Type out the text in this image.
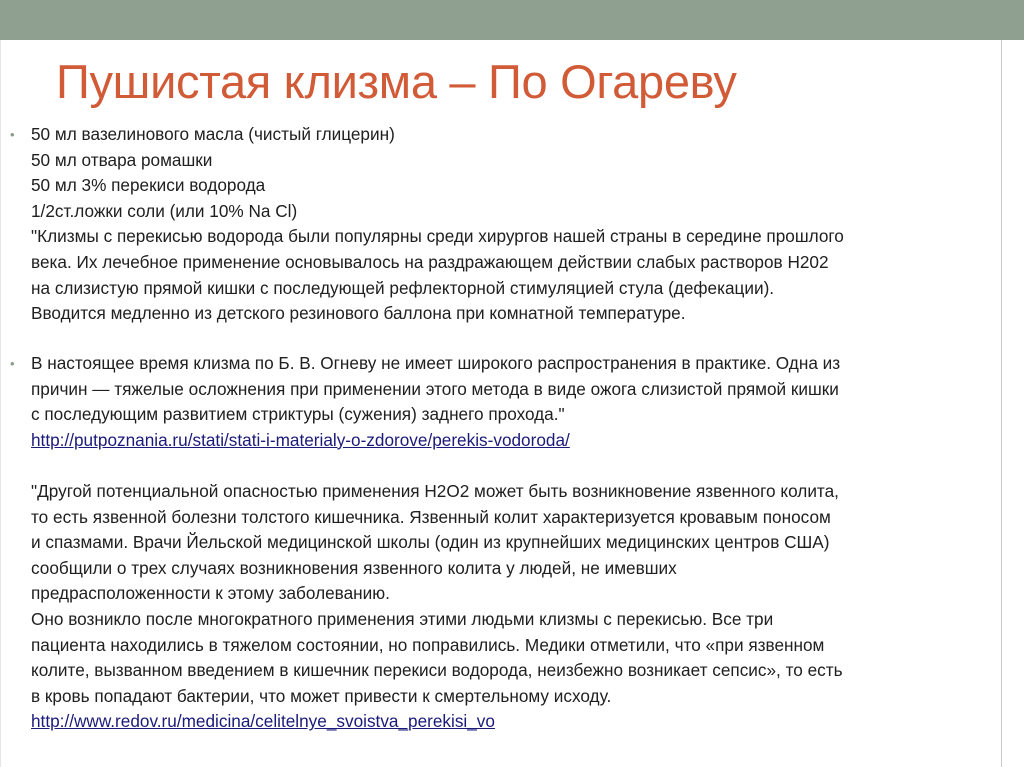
Пушистая клизма – По Огареву
• 50 мл вазелинового масла (чистый глицерин)
50 мл отвара ромашки
50 мл 3% перекиси водорода
1/2ст.ложки соли (или 10% Na Cl)
"Клизмы с перекисью водорода были популярны среди хирургов нашей страны в середине прошлого
века. Их лечебное применение основывалось на раздражающем действии слабых растворов Н202
на слизистую прямой кишки с последующей рефлекторной стимуляцией стула (дефекации).
Вводится медленно из детского резинового баллона при комнатной температуре.
• В настоящее время клизма по Б. В. Огневу не имеет широкого распространения в практике. Одна из
причин — тяжелые осложнения при применении этого метода в виде ожога слизистой прямой кишки
с последующим развитием стриктуры (сужения) заднего прохода."
http://putpoznania.ru/stati/stati-i-materialy-o-zdorove/perekis-vodoroda/
"Другой потенциальной опасностью применения Н2О2 может быть возникновение язвенного колита,
то есть язвенной болезни толстого кишечника. Язвенный колит характеризуется кровавым поносом
и спазмами. Врачи Йельской медицинской школы (один из крупнейших медицинских центров США)
сообщили о трех случаях возникновения язвенного колита у людей, не имевших
предрасположенности к этому заболеванию.
Оно возникло после многократного применения этими людьми клизмы с перекисью. Все три
пациента находились в тяжелом состоянии, но поправились. Медики отметили, что «при язвенном
колите, вызванном введением в кишечник перекиси водорода, неизбежно возникает сепсис», то есть
в кровь попадают бактерии, что может привести к смертельному исходу.
http://www.redov.ru/medicina/celitelnye_svoistva_perekisi_vo
